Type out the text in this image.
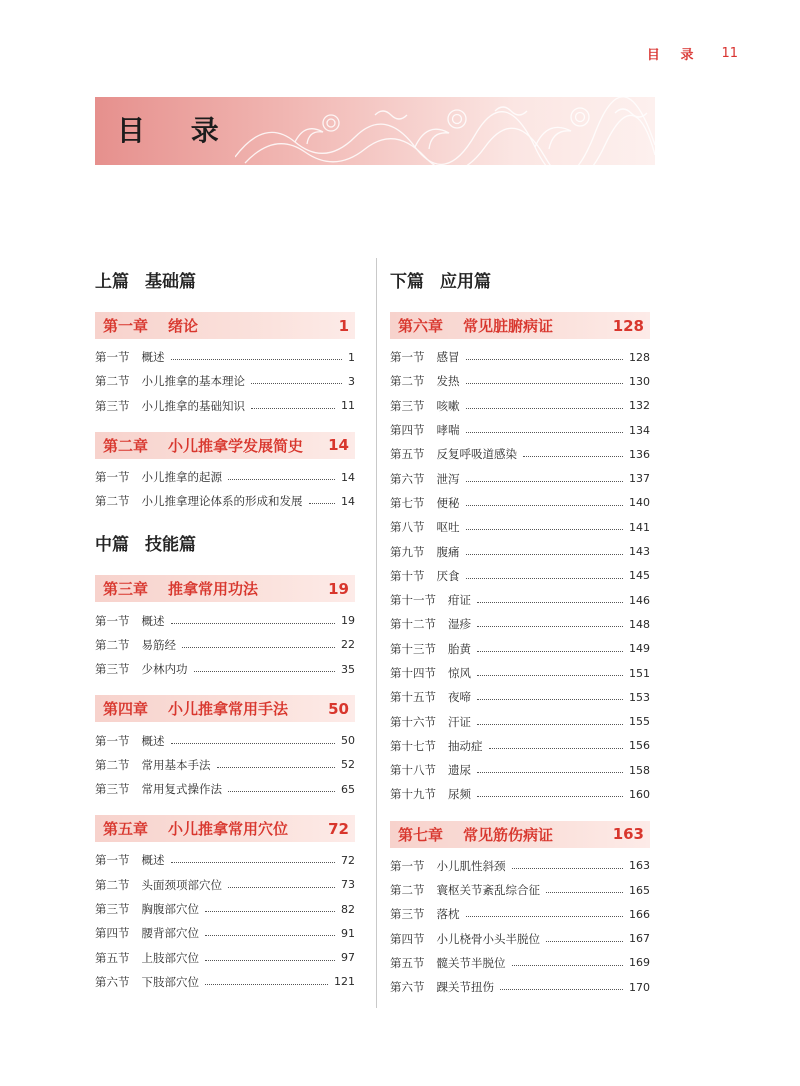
目 录 11
目 录
上篇 基础篇
第一章 绪论	1
第一节 概述	1
第二节 小儿推拿的基本理论	3
第三节 小儿推拿的基础知识	11
第二章 小儿推拿学发展简史 14
第一节 小儿推拿的起源	14
第二节 小儿推拿理论体系的形成和发展	14
中篇 技能篇
第三章 推拿常用功法	19
第一节 概述	19
第二节 易筋经	22
第三节 少林内功	35
第四章 小儿推拿常用手法	50
第一节 概述	50
第二节 常用基本手法	52
第三节 常用复式操作法	65
第五章 小儿推拿常用穴位	72
第一节 概述	72
第二节 头面颈项部穴位	73
第三节 胸腹部穴位	82
第四节 腰背部穴位	91
第五节 上肢部穴位	97
第六节 下肢部穴位	121
下篇 应用篇
第六章 常见脏腑病证	128
第一节 感冒	128
第二节 发热	130
第三节 咳嗽	132
第四节 哮喘	134
第五节 反复呼吸道感染	136
第六节 泄泻	137
第七节 便秘	140
第八节 呕吐	141
第九节 腹痛	143
第十节 厌食	145
第十一节 疳证	146
第十二节 湿疹	148
第十三节 胎黄	149
第十四节 惊风	151
第十五节 夜啼	153
第十六节 汗证	155
第十七节 抽动症	156
第十八节 遗尿	158
第十九节 尿频	160
第七章 常见筋伤病证	163
第一节 小儿肌性斜颈	163
第二节 寰枢关节紊乱综合征	165
第三节 落枕	166
第四节 小儿桡骨小头半脱位	167
第五节 髋关节半脱位	169
第六节 踝关节扭伤	170
